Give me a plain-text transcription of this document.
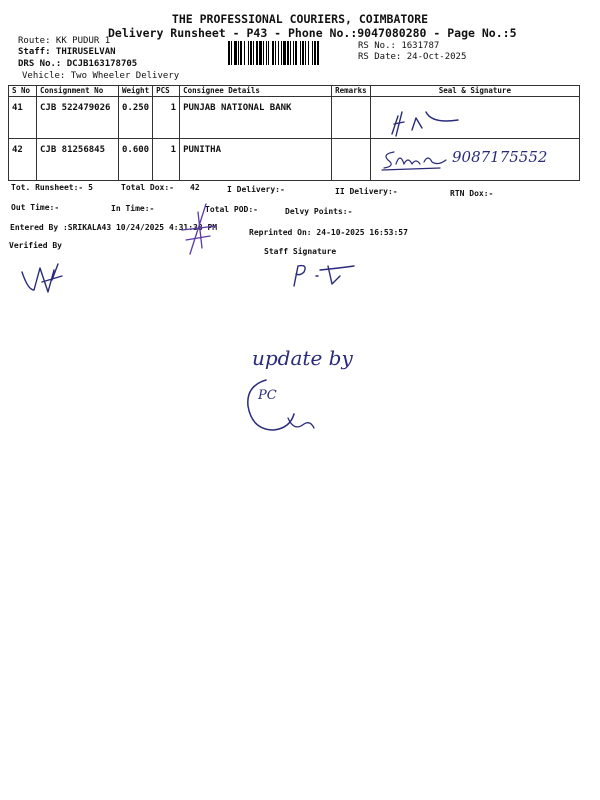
THE PROFESSIONAL COURIERS, COIMBATORE
Delivery Runsheet - P43 - Phone No.:9047080280 - Page No.:5
Route: KK PUDUR 1
Staff: THIRUSELVAN
DRS No.: DCJB163178705
Vehicle: Two Wheeler Delivery
RS No.: 1631787
RS Date: 24-Oct-2025
S No	Consignment No	Weight	PCS	Consignee Details	Remarks	Seal & Signature
41	CJB 522479026	0.250	1	PUNJAB NATIONAL BANK		
42	CJB 81256845	0.600	1	PUNITHA			9087175552
Tot. Runsheet:- 5	Total Dox:- 42	I Delivery:-	II Delivery:-	RTN Dox:-
Out Time:-	In Time:-	Total POD:-	Delvy Points:-
Entered By :SRIKALA43 10/24/2025 4:31:38 PM
Reprinted On: 24-10-2025 16:53:57
Verified By
Staff Signature
update by
PC
